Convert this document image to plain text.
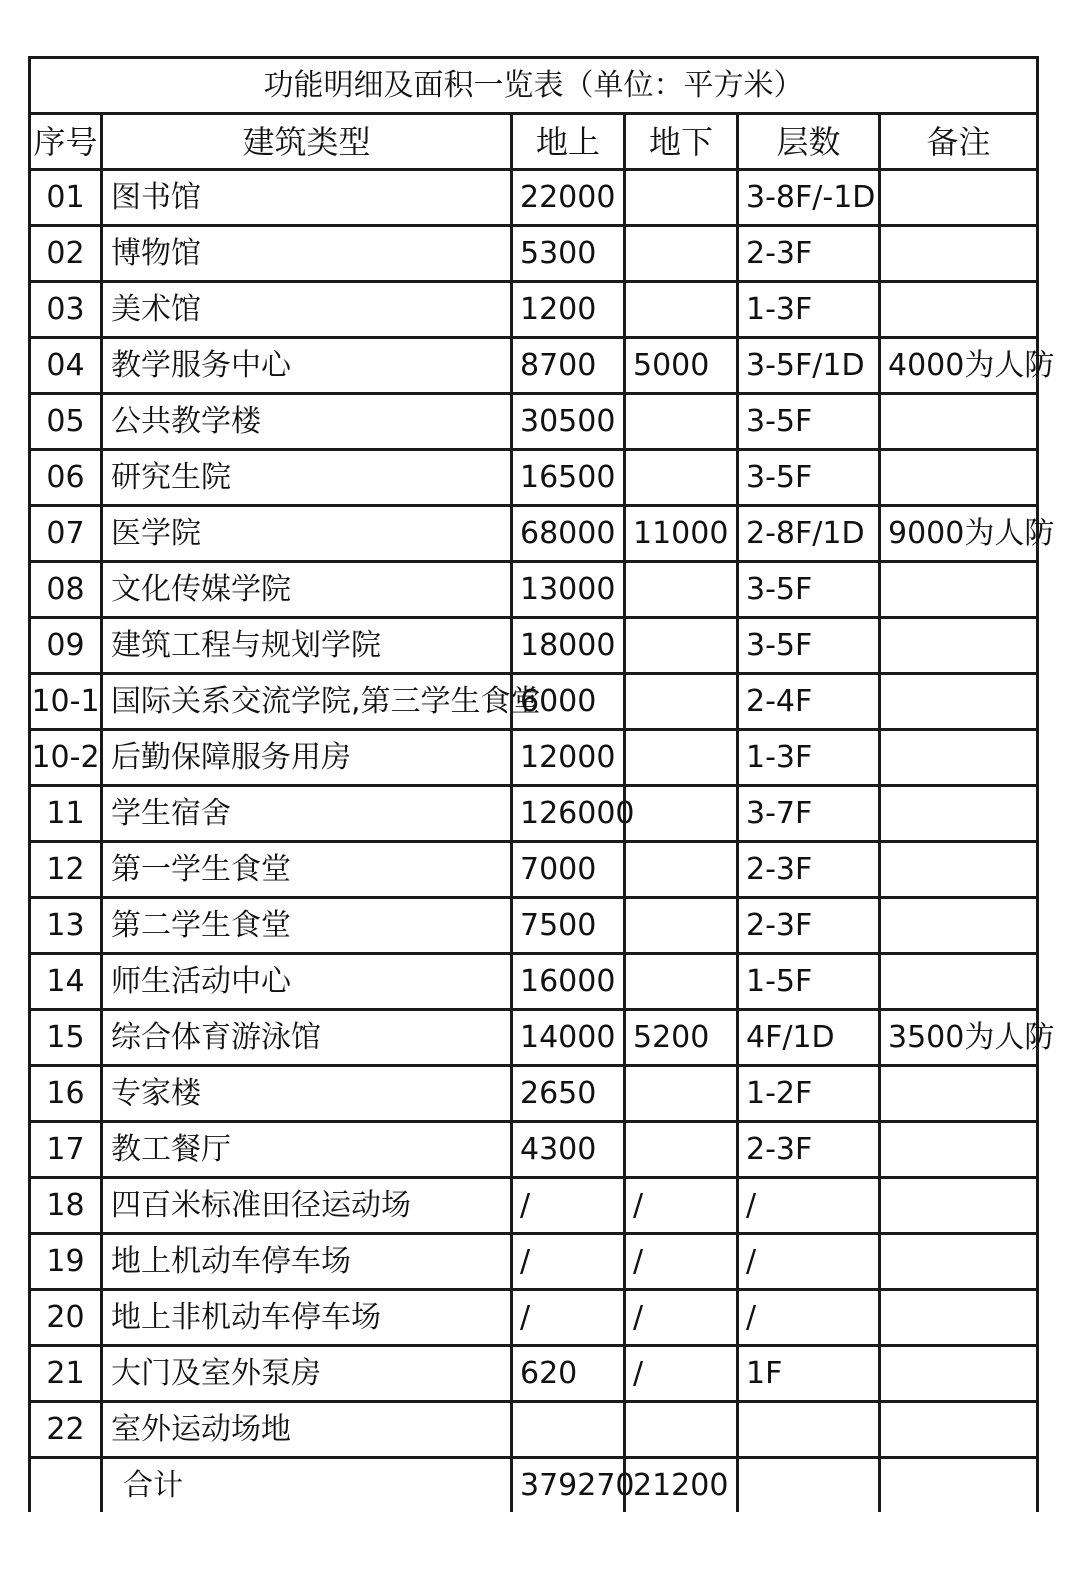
功能明细及面积一览表（单位：平方米）					
序号	建筑类型	地上	地下	层数	备注
01	图书馆	22000		3-8F/-1D	
02	博物馆	5300		2-3F	
03	美术馆	1200		1-3F	
04	教学服务中心	8700	5000	3-5F/1D	4000为人防
05	公共教学楼	30500		3-5F	
06	研究生院	16500		3-5F	
07	医学院	68000	11000	2-8F/1D	9000为人防
08	文化传媒学院	13000		3-5F	
09	建筑工程与规划学院	18000		3-5F	
10-1	国际关系交流学院,第三学生食堂	6000		2-4F	
10-2	后勤保障服务用房	12000		1-3F	
11	学生宿舍	126000		3-7F	
12	第一学生食堂	7000		2-3F	
13	第二学生食堂	7500		2-3F	
14	师生活动中心	16000		1-5F	
15	综合体育游泳馆	14000	5200	4F/1D	3500为人防
16	专家楼	2650		1-2F	
17	教工餐厅	4300		2-3F	
18	四百米标准田径运动场	/	/	/	
19	地上机动车停车场	/	/	/	
20	地上非机动车停车场	/	/	/	
21	大门及室外泵房	620	/	1F	
22	室外运动场地				
	合计	379270	21200		
